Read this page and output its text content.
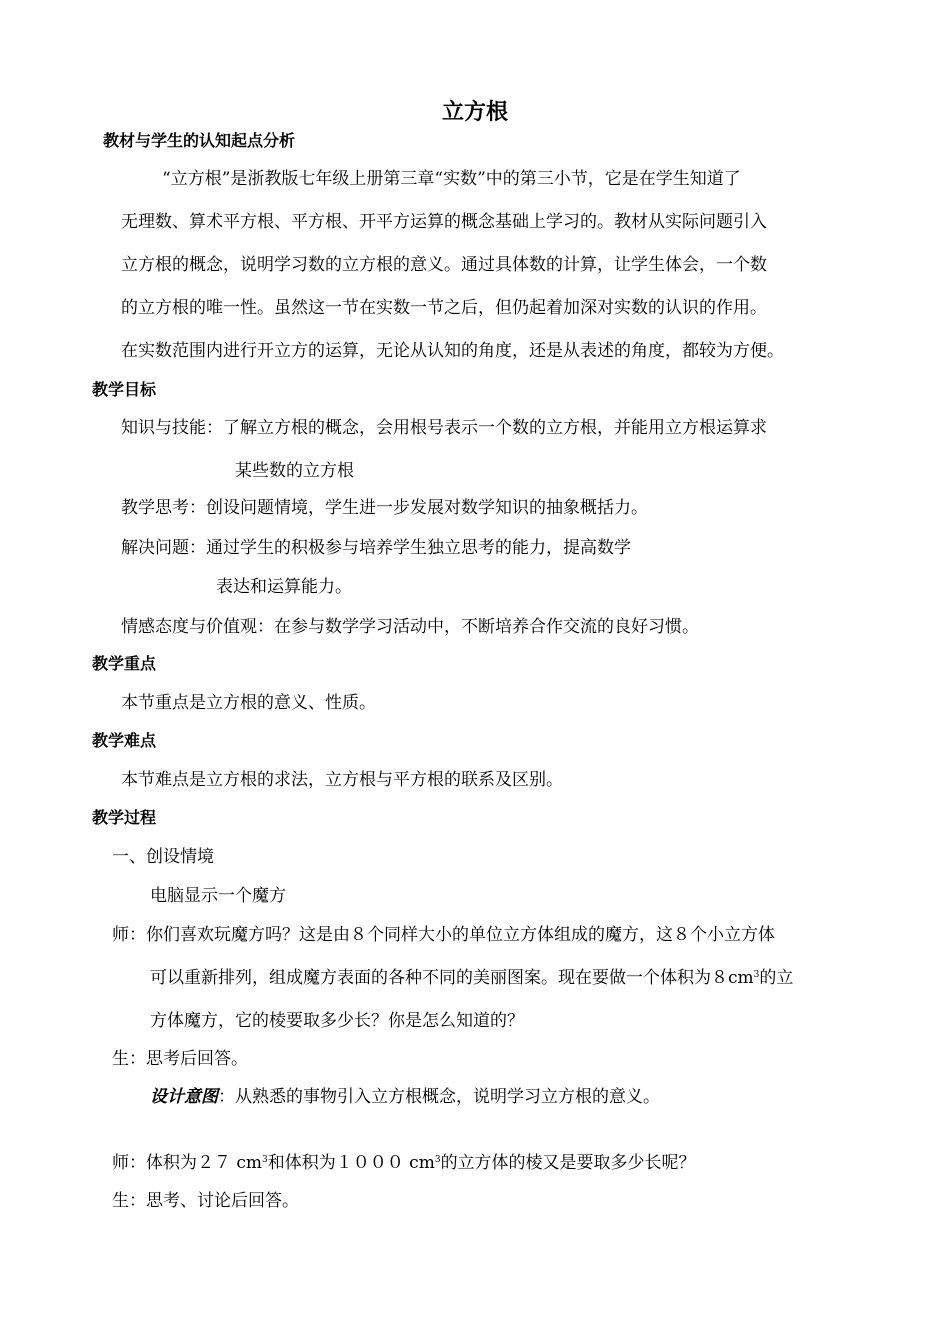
立方根
教材与学生的认知起点分析
“立方根”是浙教版七年级上册第三章“实数”中的第三小节，它是在学生知道了
无理数、算术平方根、平方根、开平方运算的概念基础上学习的。教材从实际问题引入
立方根的概念，说明学习数的立方根的意义。通过具体数的计算，让学生体会，一个数
的立方根的唯一性。虽然这一节在实数一节之后，但仍起着加深对实数的认识的作用。
在实数范围内进行开立方的运算，无论从认知的角度，还是从表述的角度，都较为方便。
教学目标
知识与技能：了解立方根的概念，会用根号表示一个数的立方根，并能用立方根运算求
某些数的立方根
教学思考：创设问题情境，学生进一步发展对数学知识的抽象概括力。
解决问题：通过学生的积极参与培养学生独立思考的能力，提高数学
表达和运算能力。
情感态度与价值观：在参与数学学习活动中，不断培养合作交流的良好习惯。
教学重点
本节重点是立方根的意义、性质。
教学难点
本节难点是立方根的求法，立方根与平方根的联系及区别。
教学过程
一、创设情境
电脑显示一个魔方
师：你们喜欢玩魔方吗？这是由８个同样大小的单位立方体组成的魔方，这８个小立方体
可以重新排列，组成魔方表面的各种不同的美丽图案。现在要做一个体积为$8cm^3$的立
方体魔方，它的棱要取多少长？你是怎么知道的？
生：思考后回答。
设计意图：从熟悉的事物引入立方根概念，说明学习立方根的意义。
师：体积为２７ $cm^3$和体积为１０００ $cm^3$的立方体的棱又是要取多少长呢？
生：思考、讨论后回答。
